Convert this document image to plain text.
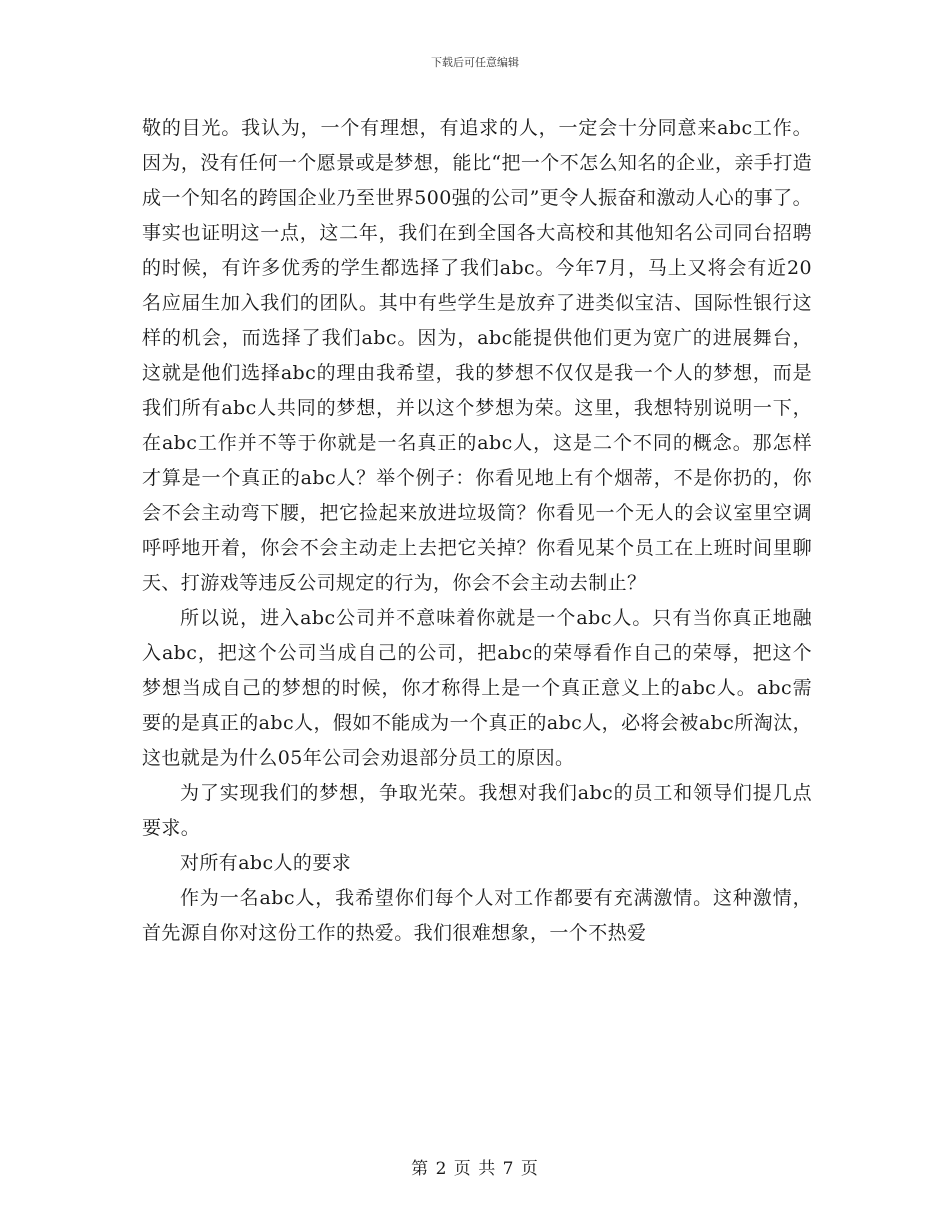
下载后可任意编辑

敬的目光。我认为，一个有理想，有追求的人，一定会十分同意来abc工作。因为，没有任何一个愿景或是梦想，能比“把一个不怎么知名的企业，亲手打造成一个知名的跨国企业乃至世界500强的公司”更令人振奋和激动人心的事了。事实也证明这一点，这二年，我们在到全国各大高校和其他知名公司同台招聘的时候，有许多优秀的学生都选择了我们abc。今年7月，马上又将会有近20名应届生加入我们的团队。其中有些学生是放弃了进类似宝洁、国际性银行这样的机会，而选择了我们abc。因为，abc能提供他们更为宽广的进展舞台，这就是他们选择abc的理由我希望，我的梦想不仅仅是我一个人的梦想，而是我们所有abc人共同的梦想，并以这个梦想为荣。这里，我想特别说明一下，在abc工作并不等于你就是一名真正的abc人，这是二个不同的概念。那怎样才算是一个真正的abc人？举个例子：你看见地上有个烟蒂，不是你扔的，你会不会主动弯下腰，把它捡起来放进垃圾筒？你看见一个无人的会议室里空调呼呼地开着，你会不会主动走上去把它关掉？你看见某个员工在上班时间里聊天、打游戏等违反公司规定的行为，你会不会主动去制止？

所以说，进入abc公司并不意味着你就是一个abc人。只有当你真正地融入abc，把这个公司当成自己的公司，把abc的荣辱看作自己的荣辱，把这个梦想当成自己的梦想的时候，你才称得上是一个真正意义上的abc人。abc需要的是真正的abc人，假如不能成为一个真正的abc人，必将会被abc所淘汰，这也就是为什么05年公司会劝退部分员工的原因。

为了实现我们的梦想，争取光荣。我想对我们abc的员工和领导们提几点要求。

对所有abc人的要求

作为一名abc人，我希望你们每个人对工作都要有充满激情。这种激情，首先源自你对这份工作的热爱。我们很难想象，一个不热爱

第 2 页 共 7 页
